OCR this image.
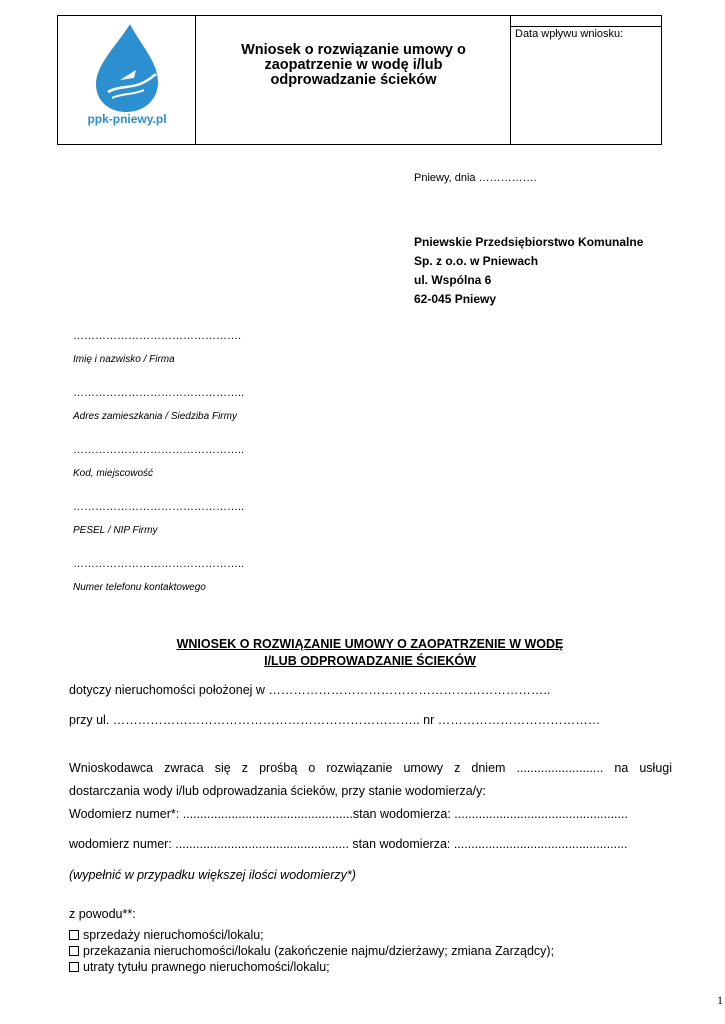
ppk-pniewy.pl
Wniosek o rozwiązanie umowy o
zaopatrzenie w wodę i/lub
odprowadzanie ścieków
Data wpływu wniosku:
Pniewy, dnia …………….
Pniewskie Przedsiębiorstwo Komunalne
Sp. z o.o. w Pniewach
ul. Wspólna 6
62-045 Pniewy
……………………………………….
Imię i nazwisko / Firma
………………………………………..
Adres zamieszkania / Siedziba Firmy
………………………………………..
Kod, miejscowość
………………………………………..
PESEL / NIP Firmy
………………………………………..
Numer telefonu kontaktowego
WNIOSEK O ROZWIĄZANIE UMOWY O ZAOPATRZENIE W WODĘ
I/LUB ODPROWADZANIE ŚCIEKÓW
dotyczy nieruchomości położonej w …………………………………………………………..
przy ul. ……………………………………………………………….. nr …………………………………
Wnioskodawca zwraca się z prośbą o rozwiązanie umowy z dniem ......................... na usługi
dostarczania wody i/lub odprowadzania ścieków, przy stanie wodomierza/y:
Wodomierz numer*: .................................................stan wodomierza: ..................................................
wodomierz numer: .................................................. stan wodomierza: ..................................................
(wypełnić w przypadku większej ilości wodomierzy*)
z powodu**:
sprzedaży nieruchomości/lokalu;
przekazania nieruchomości/lokalu (zakończenie najmu/dzierżawy; zmiana Zarządcy);
utraty tytułu prawnego nieruchomości/lokalu;
1
